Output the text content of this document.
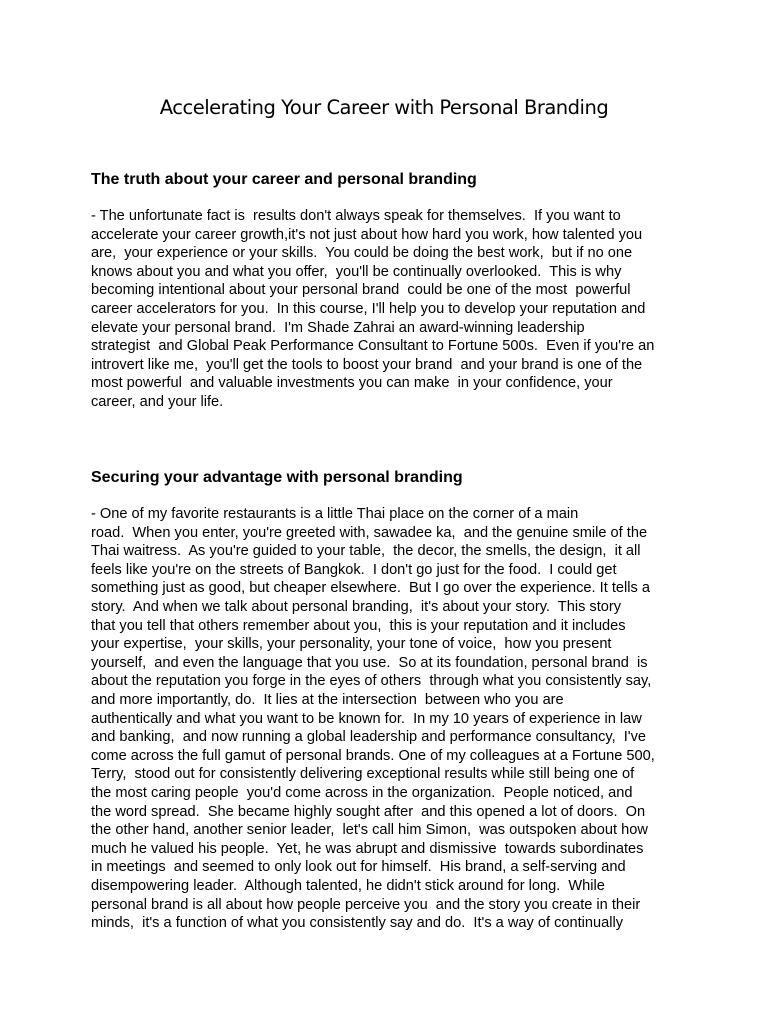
Accelerating Your Career with Personal Branding
The truth about your career and personal branding

- The unfortunate fact is  results don't always speak for themselves.  If you want to

accelerate your career growth,it's not just about how hard you work, how talented you

are,  your experience or your skills.  You could be doing the best work,  but if no one

knows about you and what you offer,  you'll be continually overlooked.  This is why

becoming intentional about your personal brand  could be one of the most  powerful

career accelerators for you.  In this course, I'll help you to develop your reputation and

elevate your personal brand.  I'm Shade Zahrai an award-winning leadership

strategist  and Global Peak Performance Consultant to Fortune 500s.  Even if you're an

introvert like me,  you'll get the tools to boost your brand  and your brand is one of the

most powerful  and valuable investments you can make  in your confidence, your

career, and your life.

Securing your advantage with personal branding

- One of my favorite restaurants is a little Thai place on the corner of a main

road.  When you enter, you're greeted with, sawadee ka,  and the genuine smile of the

Thai waitress.  As you're guided to your table,  the decor, the smells, the design,  it all

feels like you're on the streets of Bangkok.  I don't go just for the food.  I could get

something just as good, but cheaper elsewhere.  But I go over the experience. It tells a

story.  And when we talk about personal branding,  it's about your story.  This story

that you tell that others remember about you,  this is your reputation and it includes

your expertise,  your skills, your personality, your tone of voice,  how you present

yourself,  and even the language that you use.  So at its foundation, personal brand  is

about the reputation you forge in the eyes of others  through what you consistently say,

and more importantly, do.  It lies at the intersection  between who you are

authentically and what you want to be known for.  In my 10 years of experience in law

and banking,  and now running a global leadership and performance consultancy,  I've

come across the full gamut of personal brands. One of my colleagues at a Fortune 500,

Terry,  stood out for consistently delivering exceptional results while still being one of

the most caring people  you'd come across in the organization.  People noticed, and

the word spread.  She became highly sought after  and this opened a lot of doors.  On

the other hand, another senior leader,  let's call him Simon,  was outspoken about how

much he valued his people.  Yet, he was abrupt and dismissive  towards subordinates

in meetings  and seemed to only look out for himself.  His brand, a self-serving and

disempowering leader.  Although talented, he didn't stick around for long.  While

personal brand is all about how people perceive you  and the story you create in their

minds,  it's a function of what you consistently say and do.  It's a way of continually
